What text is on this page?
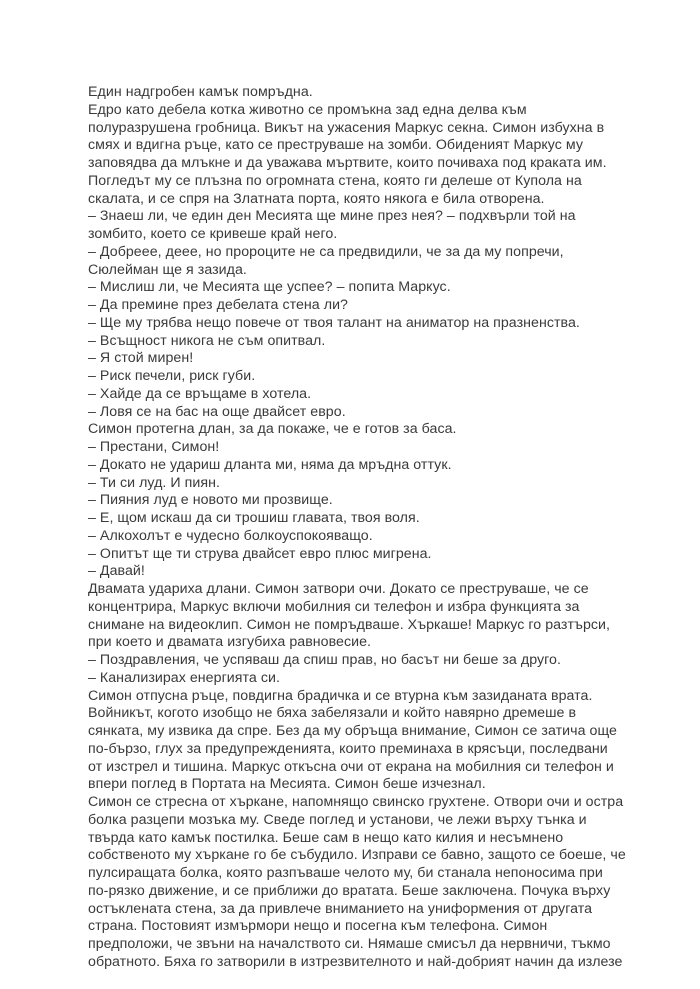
Един надгробен камък помръдна.
Едро като дебела котка животно се промъкна зад една делва към
полуразрушена гробница. Викът на ужасения Маркус секна. Симон избухна в
смях и вдигна ръце, като се преструваше на зомби. Обиденият Маркус му
заповядва да млъкне и да уважава мъртвите, които почиваха под краката им.
Погледът му се плъзна по огромната стена, която ги делеше от Купола на
скалата, и се спря на Златната порта, която някога е била отворена.
– Знаеш ли, че един ден Месията ще мине през нея? – подхвърли той на
зомбито, което се кривеше край него.
– Добреее, деее, но пророците не са предвидили, че за да му попречи,
Сюлейман ще я зазида.
– Мислиш ли, че Месията ще успее? – попита Маркус.
– Да премине през дебелата стена ли?
– Ще му трябва нещо повече от твоя талант на аниматор на празненства.
– Всъщност никога не съм опитвал.
– Я стой мирен!
– Риск печели, риск губи.
– Хайде да се връщаме в хотела.
– Ловя се на бас на още двайсет евро.
Симон протегна длан, за да покаже, че е готов за баса.
– Престани, Симон!
– Докато не удариш дланта ми, няма да мръдна оттук.
– Ти си луд. И пиян.
– Пияния луд е новото ми прозвище.
– Е, щом искаш да си трошиш главата, твоя воля.
– Алкохолът е чудесно болкоуспокояващо.
– Опитът ще ти струва двайсет евро плюс мигрена.
– Давай!
Двамата удариха длани. Симон затвори очи. Докато се преструваше, че се
концентрира, Маркус включи мобилния си телефон и избра функцията за
снимане на видеоклип. Симон не помръдваше. Хъркаше! Маркус го разтърси,
при което и двамата изгубиха равновесие.
– Поздравления, че успяваш да спиш прав, но басът ни беше за друго.
– Канализирах енергията си.
Симон отпусна ръце, повдигна брадичка и се втурна към зазиданата врата.
Войникът, когото изобщо не бяха забелязали и който навярно дремеше в
сянката, му извика да спре. Без да му обръща внимание, Симон се затича още
по-бързо, глух за предупрежденията, които преминаха в крясъци, последвани
от изстрел и тишина. Маркус откъсна очи от екрана на мобилния си телефон и
впери поглед в Портата на Месията. Симон беше изчезнал.
Симон се стресна от хъркане, напомнящо свинско грухтене. Отвори очи и остра
болка разцепи мозъка му. Сведе поглед и установи, че лежи върху тънка и
твърда като камък постилка. Беше сам в нещо като килия и несъмнено
собственото му хъркане го бе събудило. Изправи се бавно, защото се боеше, че
пулсиращата болка, която разпъваше челото му, би станала непоносима при
по-рязко движение, и се приближи до вратата. Беше заключена. Почука върху
остъклената стена, за да привлече вниманието на униформения от другата
страна. Постовият измърмори нещо и посегна към телефона. Симон
предположи, че звъни на началството си. Нямаше смисъл да нервничи, тъкмо
обратното. Бяха го затворили в изтрезвителното и най-добрият начин да излезе
